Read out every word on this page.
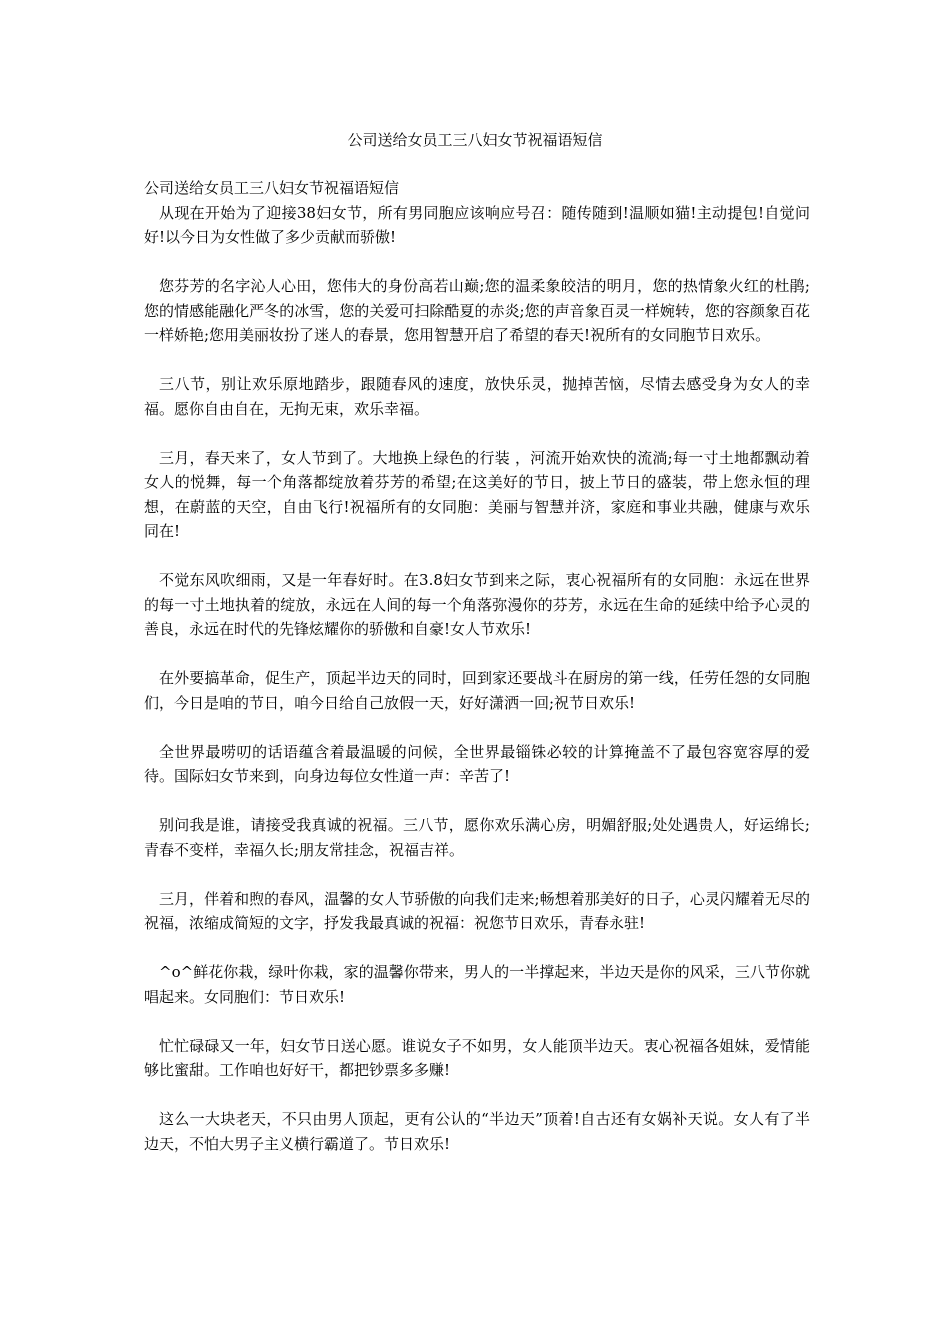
公司送给女员工三八妇女节祝福语短信

公司送给女员工三八妇女节祝福语短信

从现在开始为了迎接38妇女节，所有男同胞应该响应号召：随传随到!温顺如猫!主动提包!自觉问好!以今日为女性做了多少贡献而骄傲!

您芬芳的名字沁人心田，您伟大的身份高若山巅;您的温柔象皎洁的明月，您的热情象火红的杜鹃;您的情感能融化严冬的冰雪，您的关爱可扫除酷夏的赤炎;您的声音象百灵一样婉转，您的容颜象百花一样娇艳;您用美丽妆扮了迷人的春景，您用智慧开启了希望的春天!祝所有的女同胞节日欢乐。

三八节，别让欢乐原地踏步，跟随春风的速度，放快乐灵，抛掉苦恼，尽情去感受身为女人的幸福。愿你自由自在，无拘无束，欢乐幸福。

三月，春天来了，女人节到了。大地换上绿色的行装 ，河流开始欢快的流淌;每一寸土地都飘动着女人的悦舞，每一个角落都绽放着芬芳的希望;在这美好的节日，披上节日的盛装，带上您永恒的理想，在蔚蓝的天空，自由飞行!祝福所有的女同胞：美丽与智慧并济，家庭和事业共融，健康与欢乐同在!

不觉东风吹细雨，又是一年春好时。在3.8妇女节到来之际，衷心祝福所有的女同胞：永远在世界的每一寸土地执着的绽放，永远在人间的每一个角落弥漫你的芬芳，永远在生命的延续中给予心灵的善良，永远在时代的先锋炫耀你的骄傲和自豪!女人节欢乐!

在外要搞革命，促生产，顶起半边天的同时，回到家还要战斗在厨房的第一线，任劳任怨的女同胞们，今日是咱的节日，咱今日给自己放假一天，好好潇洒一回;祝节日欢乐!

全世界最唠叨的话语蕴含着最温暖的问候，全世界最锱铢必较的计算掩盖不了最包容宽容厚的爱待。国际妇女节来到，向身边每位女性道一声：辛苦了!

别问我是谁，请接受我真诚的祝福。三八节，愿你欢乐满心房，明媚舒服;处处遇贵人，好运绵长;青春不变样，幸福久长;朋友常挂念，祝福吉祥。

三月，伴着和煦的春风，温馨的女人节骄傲的向我们走来;畅想着那美好的日子，心灵闪耀着无尽的祝福，浓缩成简短的文字，抒发我最真诚的祝福：祝您节日欢乐，青春永驻!

^o^鲜花你栽，绿叶你栽，家的温馨你带来，男人的一半撑起来，半边天是你的风采，三八节你就唱起来。女同胞们：节日欢乐!

忙忙碌碌又一年，妇女节日送心愿。谁说女子不如男，女人能顶半边天。衷心祝福各姐妹，爱情能够比蜜甜。工作咱也好好干，都把钞票多多赚!

这么一大块老天，不只由男人顶起，更有公认的“半边天”顶着!自古还有女娲补天说。女人有了半边天，不怕大男子主义横行霸道了。节日欢乐!
